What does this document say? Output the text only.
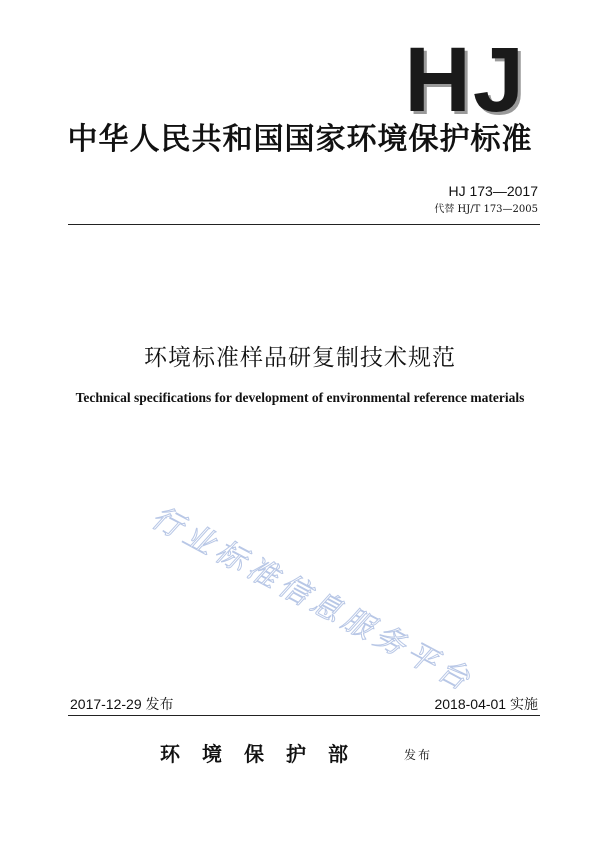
HJ
中华人民共和国国家环境保护标准
HJ 173—2017
代替 HJ/T 173—2005
环境标准样品研复制技术规范
Technical specifications for development of environmental reference materials
行业标准信息服务平台
2017-12-29 发布	2018-04-01 实施
环境保护部	发布
